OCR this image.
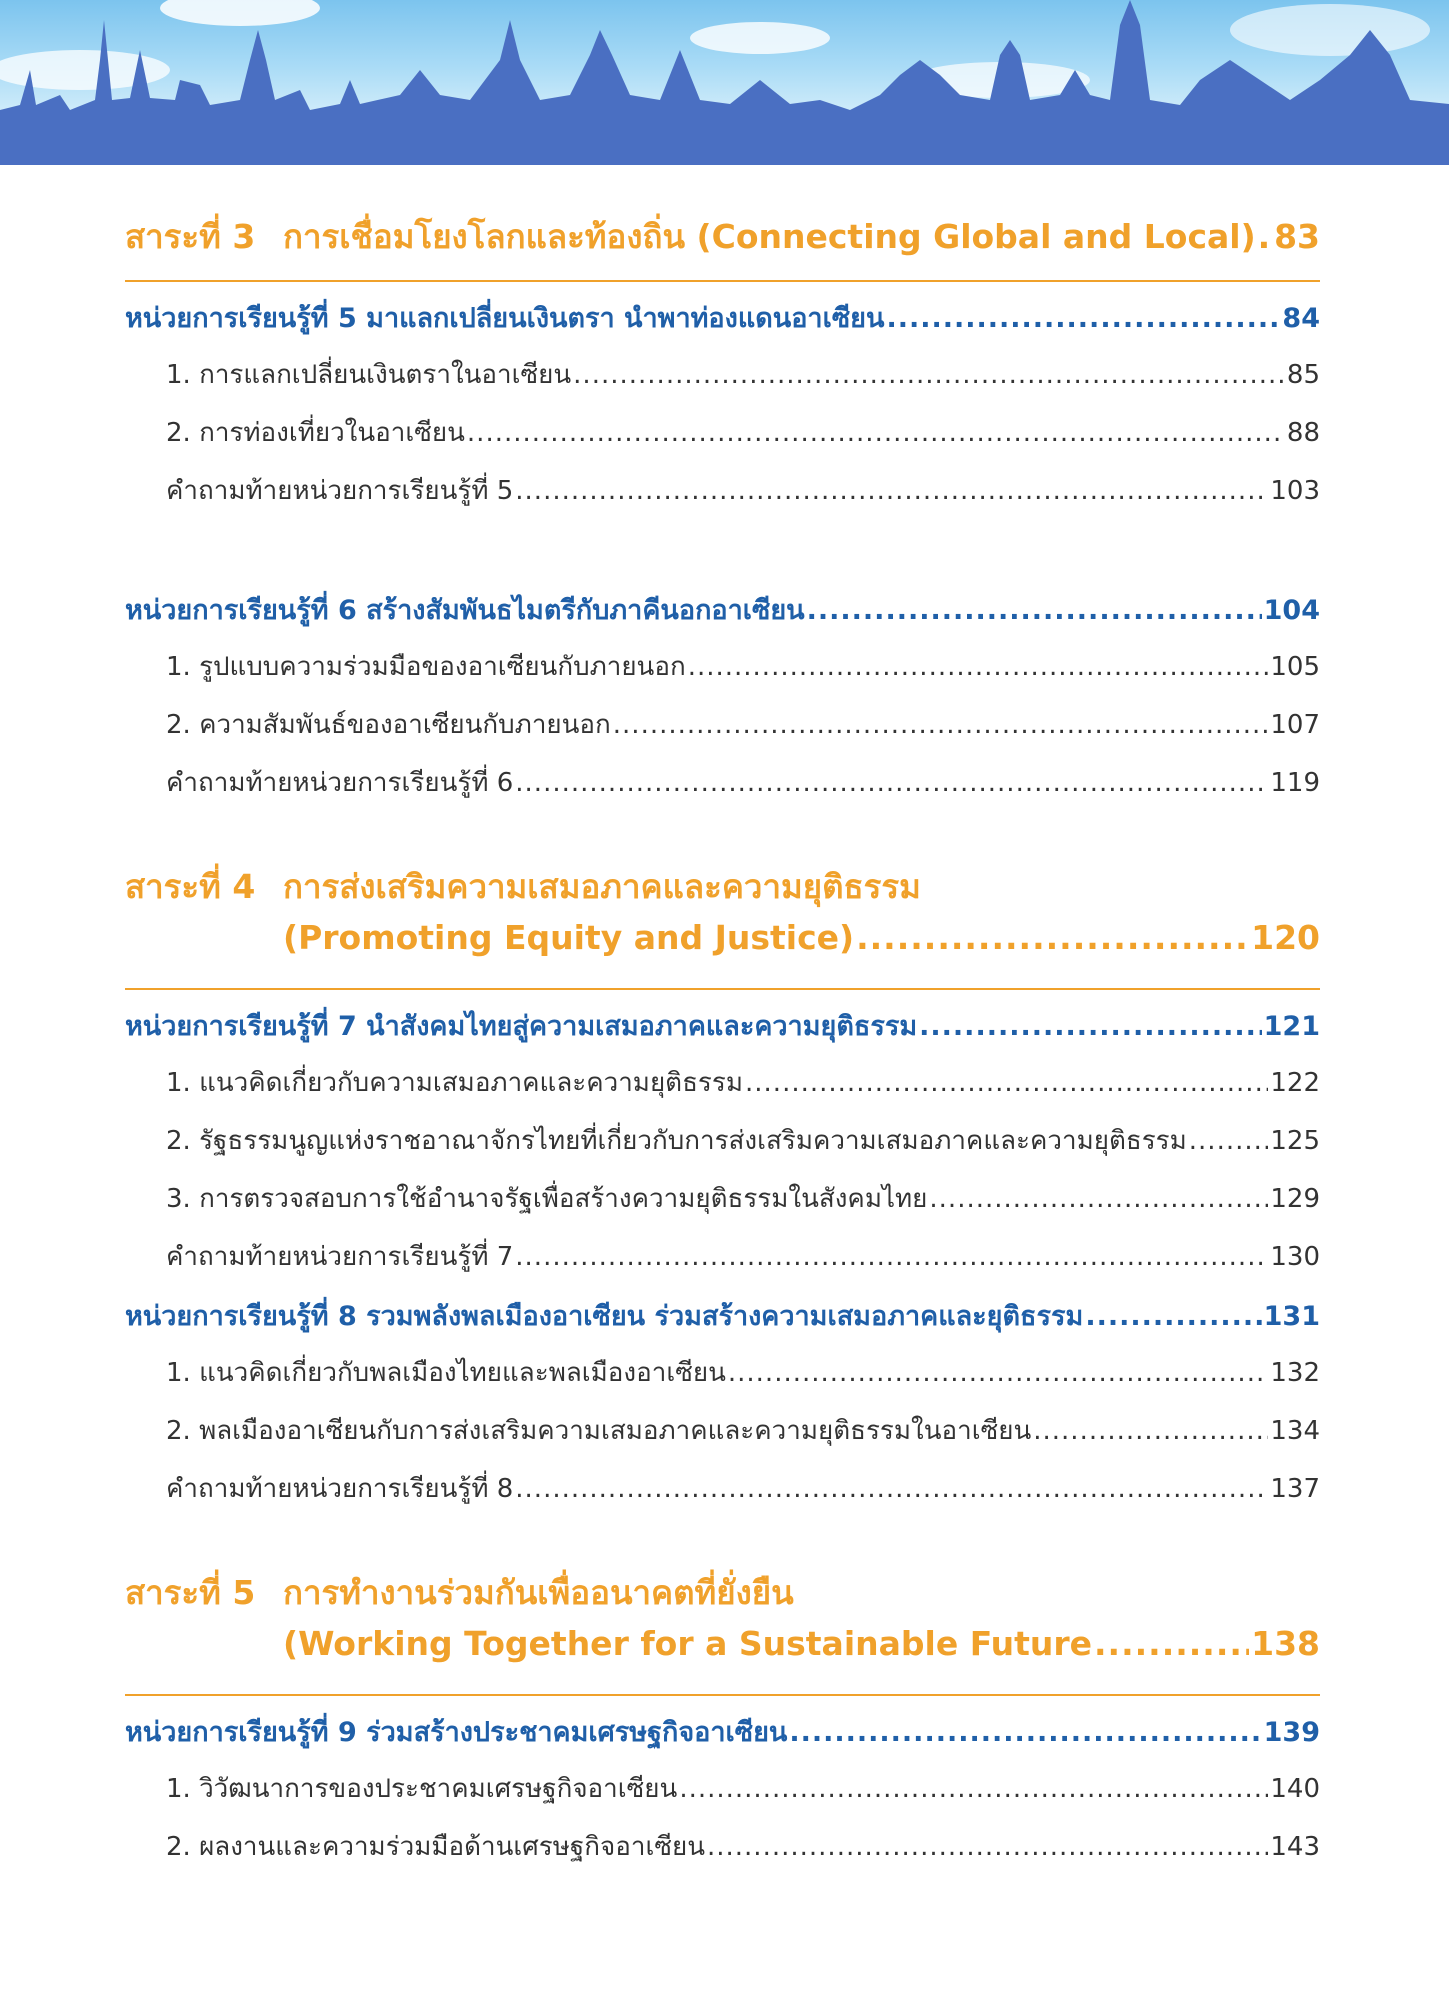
สาระที่ 3 การเชื่อมโยงโลกและท้องถิ่น (Connecting Global and Local) ..... 83
หน่วยการเรียนรู้ที่ 5 มาแลกเปลี่ยนเงินตรา นำพาท่องแดนอาเซียน .....	84
1. การแลกเปลี่ยนเงินตราในอาเซียน .....	85
2. การท่องเที่ยวในอาเซียน .....	88
คำถามท้ายหน่วยการเรียนรู้ที่ 5 .....	103
หน่วยการเรียนรู้ที่ 6 สร้างสัมพันธไมตรีกับภาคีนอกอาเซียน .....	104
1. รูปแบบความร่วมมือของอาเซียนกับภายนอก .....	105
2. ความสัมพันธ์ของอาเซียนกับภายนอก .....	107
คำถามท้ายหน่วยการเรียนรู้ที่ 6 .....	119
สาระที่ 4 การส่งเสริมความเสมอภาคและความยุติธรรม
(Promoting Equity and Justice) .....	120
หน่วยการเรียนรู้ที่ 7 นำสังคมไทยสู่ความเสมอภาคและความยุติธรรม .....	121
1. แนวคิดเกี่ยวกับความเสมอภาคและความยุติธรรม .....	122
2. รัฐธรรมนูญแห่งราชอาณาจักรไทยที่เกี่ยวกับการส่งเสริมความเสมอภาคและความยุติธรรม .....	125
3. การตรวจสอบการใช้อำนาจรัฐเพื่อสร้างความยุติธรรมในสังคมไทย .....	129
คำถามท้ายหน่วยการเรียนรู้ที่ 7 .....	130
หน่วยการเรียนรู้ที่ 8 รวมพลังพลเมืองอาเซียน ร่วมสร้างความเสมอภาคและยุติธรรม .....	131
1. แนวคิดเกี่ยวกับพลเมืองไทยและพลเมืองอาเซียน .....	132
2. พลเมืองอาเซียนกับการส่งเสริมความเสมอภาคและความยุติธรรมในอาเซียน .....	134
คำถามท้ายหน่วยการเรียนรู้ที่ 8 .....	137
สาระที่ 5 การทำงานร่วมกันเพื่ออนาคตที่ยั่งยืน
(Working Together for a Sustainable Future .....	138
หน่วยการเรียนรู้ที่ 9 ร่วมสร้างประชาคมเศรษฐกิจอาเซียน .....	139
1. วิวัฒนาการของประชาคมเศรษฐกิจอาเซียน .....	140
2. ผลงานและความร่วมมือด้านเศรษฐกิจอาเซียน .....	143
